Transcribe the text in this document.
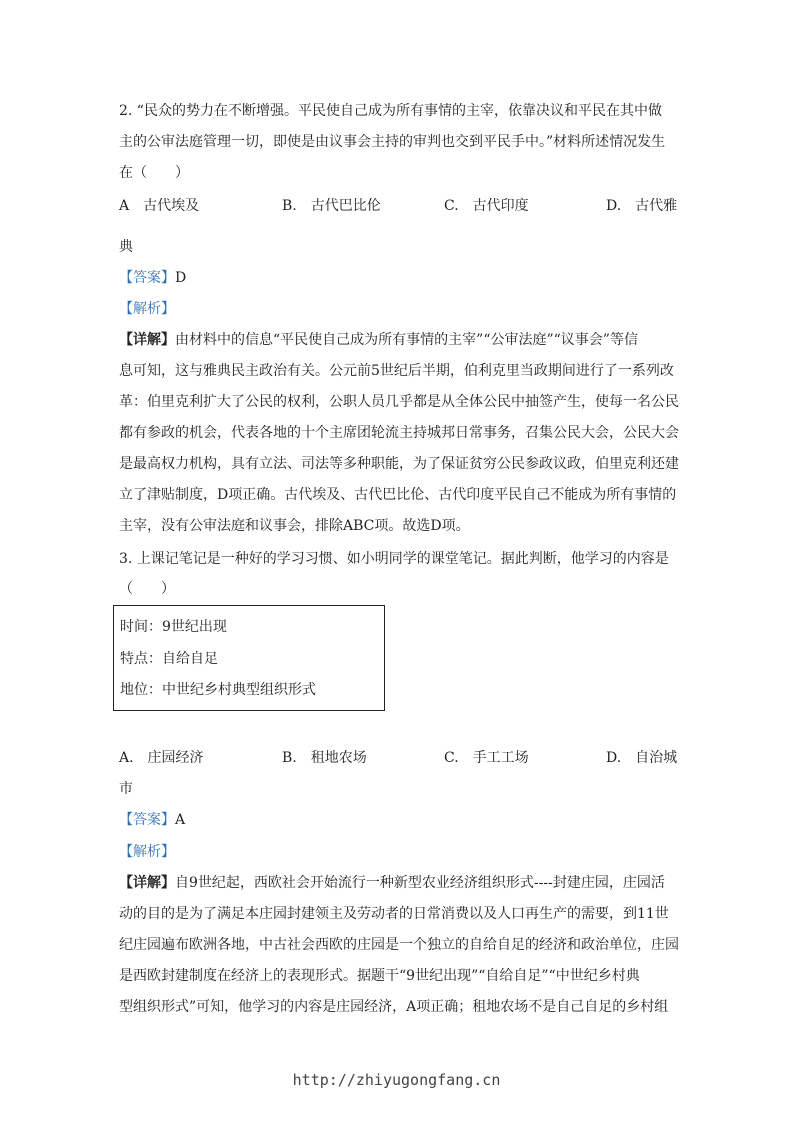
2. “民众的势力在不断增强。平民使自己成为所有事情的主宰，依靠决议和平民在其中做
主的公审法庭管理一切，即使是由议事会主持的审判也交到平民手中。”材料所述情况发生
在（　　）
A　古代埃及	B.　古代巴比伦	C.　古代印度	D.　古代雅
典
【答案】D
【解析】
【详解】由材料中的信息“平民使自己成为所有事情的主宰”“公审法庭”“议事会”等信
息可知，这与雅典民主政治有关。公元前5世纪后半期，伯利克里当政期间进行了一系列改
革：伯里克利扩大了公民的权利，公职人员几乎都是从全体公民中抽签产生，使每一名公民
都有参政的机会，代表各地的十个主席团轮流主持城邦日常事务，召集公民大会，公民大会
是最高权力机构，具有立法、司法等多种职能，为了保证贫穷公民参政议政，伯里克利还建
立了津贴制度，D项正确。古代埃及、古代巴比伦、古代印度平民自己不能成为所有事情的
主宰，没有公审法庭和议事会，排除ABC项。故选D项。
3. 上课记笔记是一种好的学习习惯、如小明同学的课堂笔记。据此判断，他学习的内容是
（　　）
时间：9世纪出现
特点：自给自足
地位：中世纪乡村典型组织形式
A.　庄园经济	B.　租地农场	C.　手工工场	D.　自治城
市
【答案】A
【解析】
【详解】自9世纪起，西欧社会开始流行一种新型农业经济组织形式----封建庄园，庄园活
动的目的是为了满足本庄园封建领主及劳动者的日常消费以及人口再生产的需要，到11世
纪庄园遍布欧洲各地，中古社会西欧的庄园是一个独立的自给自足的经济和政治单位，庄园
是西欧封建制度在经济上的表现形式。据题干“9世纪出现”“自给自足”“中世纪乡村典
型组织形式”可知，他学习的内容是庄园经济，A项正确；租地农场不是自己自足的乡村组
http://zhiyugongfang.cn
